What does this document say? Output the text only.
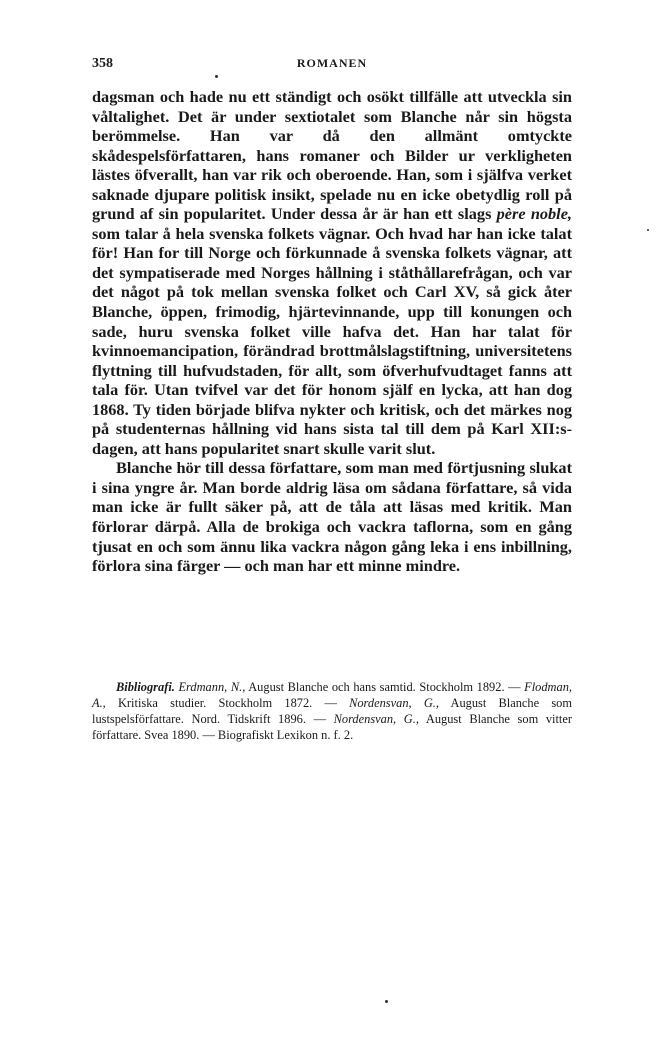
358	ROMANEN

dagsman och hade nu ett ständigt och osökt tillfälle att utveckla sin våltalighet. Det är under sextiotalet som Blanche når sin högsta berömmelse. Han var då den allmänt omtyckte skådespelsförfattaren, hans romaner och Bilder ur verkligheten lästes öfverallt, han var rik och oberoende. Han, som i själfva verket saknade djupare politisk insikt, spelade nu en icke obetydlig roll på grund af sin popularitet. Under dessa år är han ett slags père noble, som talar å hela svenska folkets vägnar. Och hvad har han icke talat för! Han for till Norge och förkunnade å svenska folkets vägnar, att det sympatiserade med Norges hållning i ståthållarefrågan, och var det något på tok mellan svenska folket och Carl XV, så gick åter Blanche, öppen, frimodig, hjärtevinnande, upp till konungen och sade, huru svenska folket ville hafva det. Han har talat för kvinnoemancipation, förändrad brottmålslagstiftning, universitetens flyttning till hufvudstaden, för allt, som öfverhufvudtaget fanns att tala för. Utan tvifvel var det för honom själf en lycka, att han dog 1868. Ty tiden började blifva nykter och kritisk, och det märkes nog på studenternas hållning vid hans sista tal till dem på Karl XII:s-dagen, att hans popularitet snart skulle varit slut.

Blanche hör till dessa författare, som man med förtjusning slukat i sina yngre år. Man borde aldrig läsa om sådana författare, så vida man icke är fullt säker på, att de tåla att läsas med kritik. Man förlorar därpå. Alla de brokiga och vackra taflorna, som en gång tjusat en och som ännu lika vackra någon gång leka i ens inbillning, förlora sina färger — och man har ett minne mindre.

Bibliografi. Erdmann, N., August Blanche och hans samtid. Stockholm 1892. — Flodman, A., Kritiska studier. Stockholm 1872. — Nordensvan, G., August Blanche som lustspelsförfattare. Nord. Tidskrift 1896. — Nordensvan, G., August Blanche som vitter författare. Svea 1890. — Biografiskt Lexikon n. f. 2.
